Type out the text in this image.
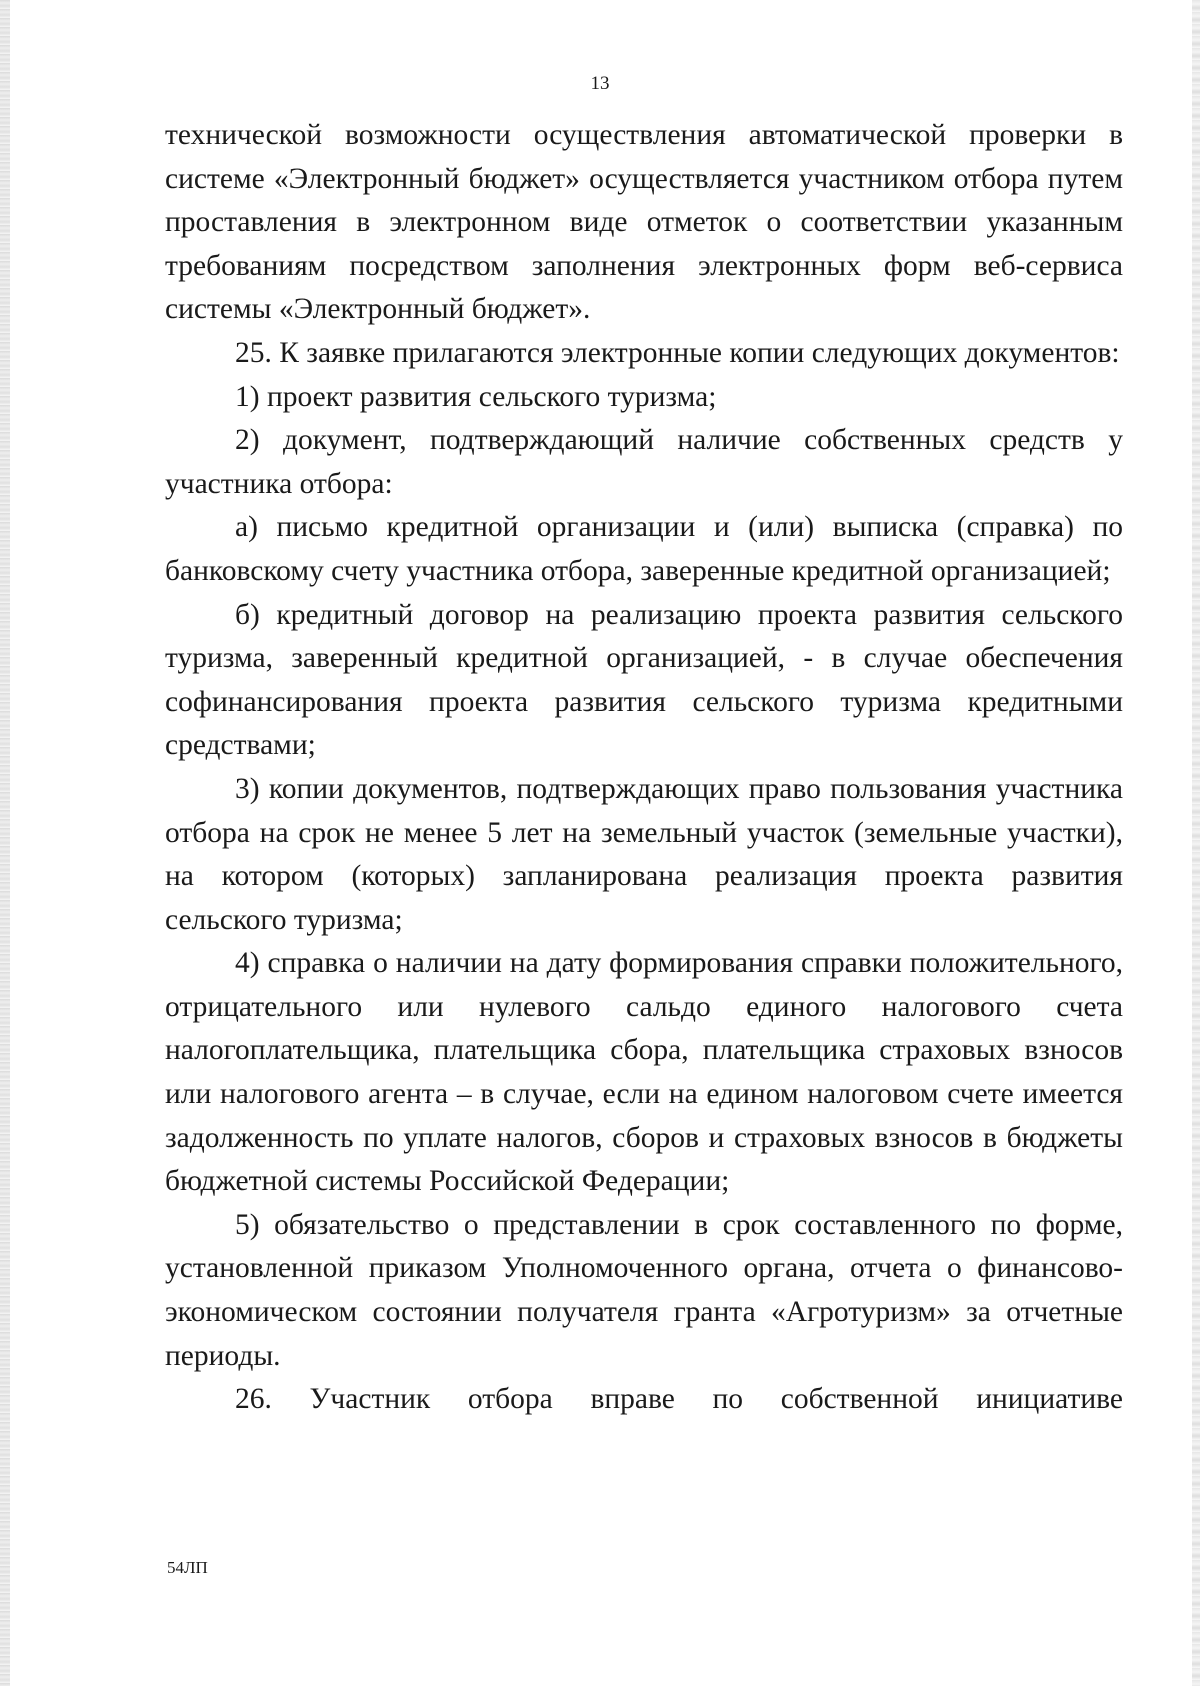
13

технической возможности осуществления автоматической проверки в системе «Электронный бюджет» осуществляется участником отбора путем проставления в электронном виде отметок о соответствии указанным требованиям посредством заполнения электронных форм веб-сервиса системы «Электронный бюджет».

25. К заявке прилагаются электронные копии следующих документов:

1) проект развития сельского туризма;

2) документ, подтверждающий наличие собственных средств у участника отбора:

а) письмо кредитной организации и (или) выписка (справка) по банковскому счету участника отбора, заверенные кредитной организацией;

б) кредитный договор на реализацию проекта развития сельского туризма, заверенный кредитной организацией, - в случае обеспечения софинансирования проекта развития сельского туризма кредитными средствами;

3) копии документов, подтверждающих право пользования участника отбора на срок не менее 5 лет на земельный участок (земельные участки), на котором (которых) запланирована реализация проекта развития сельского туризма;

4) справка о наличии на дату формирования справки положительного, отрицательного или нулевого сальдо единого налогового счета налогоплательщика, плательщика сбора, плательщика страховых взносов или налогового агента – в случае, если на едином налоговом счете имеется задолженность по уплате налогов, сборов и страховых взносов в бюджеты бюджетной системы Российской Федерации;

5) обязательство о представлении в срок составленного по форме, установленной приказом Уполномоченного органа, отчета о финансово-экономическом состоянии получателя гранта «Агротуризм» за отчетные периоды.

26. Участник отбора вправе по собственной инициативе

54ЛП
